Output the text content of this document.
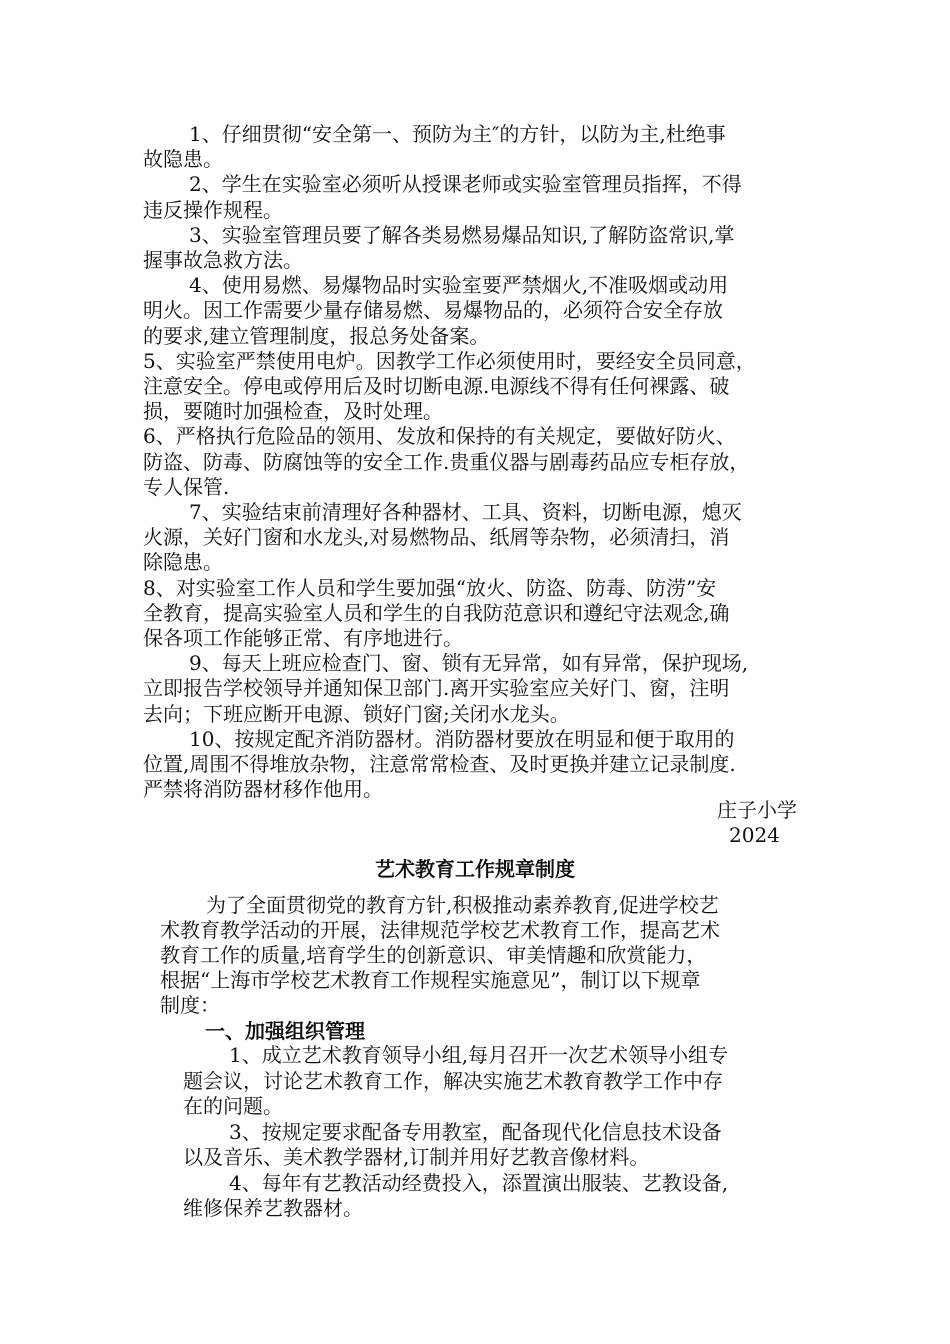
1、仔细贯彻“安全第一、预防为主″的方针，以防为主,杜绝事
故隐患。
2、学生在实验室必须听从授课老师或实验室管理员指挥，不得
违反操作规程。
3、实验室管理员要了解各类易燃易爆品知识,了解防盗常识,掌
握事故急救方法。
4、使用易燃、易爆物品时实验室要严禁烟火,不准吸烟或动用
明火。因工作需要少量存储易燃、易爆物品的，必须符合安全存放
的要求,建立管理制度，报总务处备案。
5、实验室严禁使用电炉。因教学工作必须使用时，要经安全员同意，
注意安全。停电或停用后及时切断电源.电源线不得有任何裸露、破
损，要随时加强检查，及时处理。
6、严格执行危险品的领用、发放和保持的有关规定，要做好防火、
防盗、防毒、防腐蚀等的安全工作.贵重仪器与剧毒药品应专柜存放，
专人保管.
7、实验结束前清理好各种器材、工具、资料，切断电源，熄灭
火源，关好门窗和水龙头,对易燃物品、纸屑等杂物，必须清扫，消
除隐患。
8、对实验室工作人员和学生要加强“放火、防盗、防毒、防涝”安
全教育，提高实验室人员和学生的自我防范意识和遵纪守法观念,确
保各项工作能够正常、有序地进行。
9、每天上班应检查门、窗、锁有无异常，如有异常，保护现场,
立即报告学校领导并通知保卫部门.离开实验室应关好门、窗，注明
去向；下班应断开电源、锁好门窗;关闭水龙头。
10、按规定配齐消防器材。消防器材要放在明显和便于取用的
位置,周围不得堆放杂物，注意常常检查、及时更换并建立记录制度.
严禁将消防器材移作他用。
庄子小学
2024
艺术教育工作规章制度
为了全面贯彻党的教育方针,积极推动素养教育,促进学校艺
术教育教学活动的开展，法律规范学校艺术教育工作，提高艺术
教育工作的质量,培育学生的创新意识、审美情趣和欣赏能力，
根据“上海市学校艺术教育工作规程实施意见”，制订以下规章
制度：
一、加强组织管理
1、成立艺术教育领导小组,每月召开一次艺术领导小组专
题会议，讨论艺术教育工作，解决实施艺术教育教学工作中存
在的问题。
3、按规定要求配备专用教室，配备现代化信息技术设备
以及音乐、美术教学器材,订制并用好艺教音像材料。
4、每年有艺教活动经费投入，添置演出服装、艺教设备,
维修保养艺教器材。
